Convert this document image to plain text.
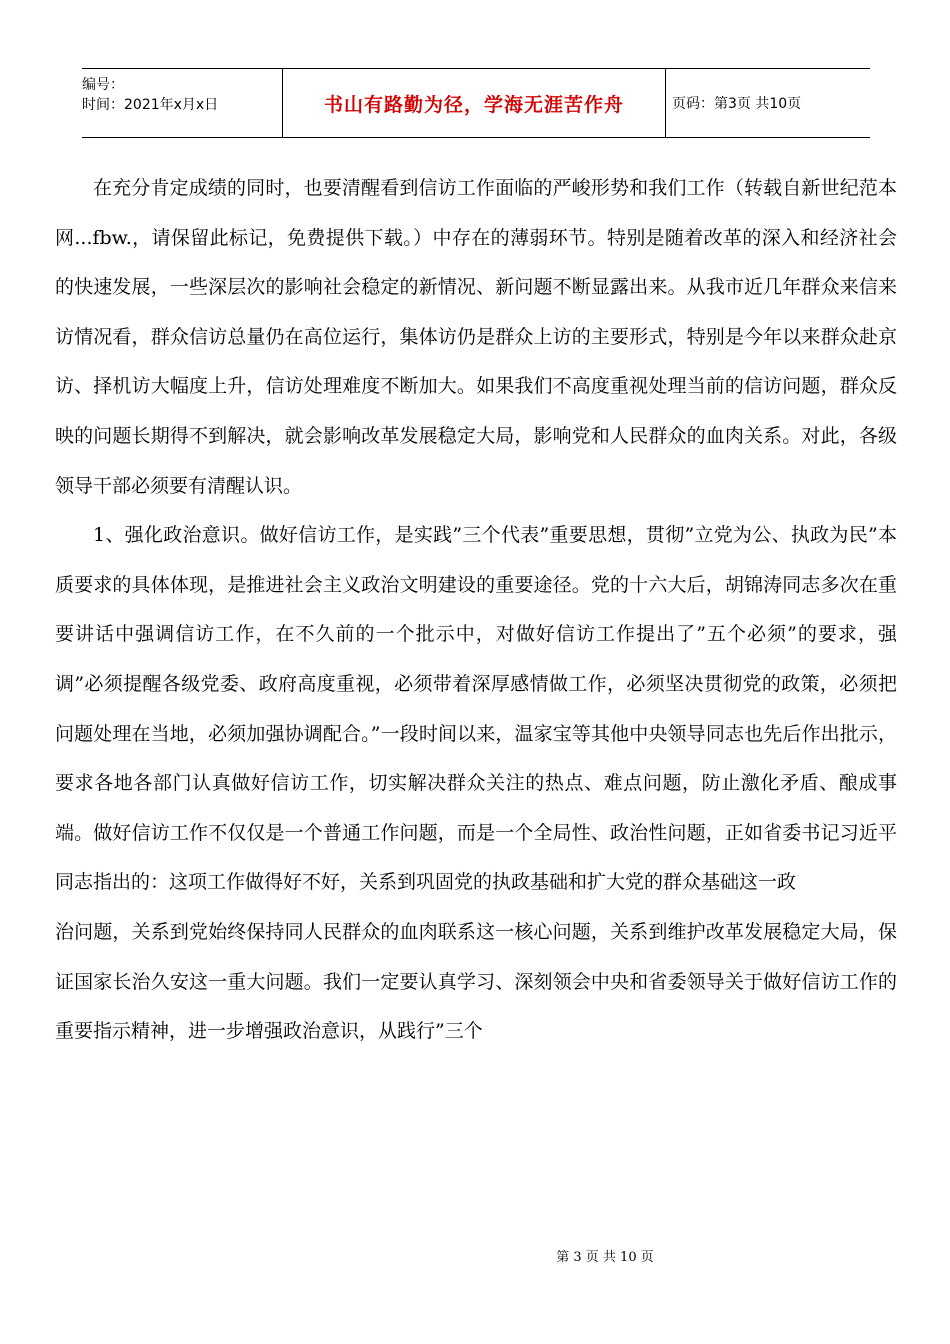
编号：
时间：2021年x月x日	书山有路勤为径，学海无涯苦作舟	页码：第3页 共10页

在充分肯定成绩的同时，也要清醒看到信访工作面临的严峻形势和我们工作（转载自新世纪范本网...fbw.，请保留此标记，免费提供下载。）中存在的薄弱环节。特别是随着改革的深入和经济社会的快速发展，一些深层次的影响社会稳定的新情况、新问题不断显露出来。从我市近几年群众来信来访情况看，群众信访总量仍在高位运行，集体访仍是群众上访的主要形式，特别是今年以来群众赴京访、择机访大幅度上升，信访处理难度不断加大。如果我们不高度重视处理当前的信访问题，群众反映的问题长期得不到解决，就会影响改革发展稳定大局，影响党和人民群众的血肉关系。对此，各级领导干部必须要有清醒认识。

1、强化政治意识。做好信访工作，是实践”三个代表”重要思想，贯彻”立党为公、执政为民”本质要求的具体体现，是推进社会主义政治文明建设的重要途径。党的十六大后，胡锦涛同志多次在重要讲话中强调信访工作，在不久前的一个批示中，对做好信访工作提出了”五个必须”的要求，强调”必须提醒各级党委、政府高度重视，必须带着深厚感情做工作，必须坚决贯彻党的政策，必须把问题处理在当地，必须加强协调配合。”一段时间以来，温家宝等其他中央领导同志也先后作出批示，要求各地各部门认真做好信访工作，切实解决群众关注的热点、难点问题，防止激化矛盾、酿成事端。做好信访工作不仅仅是一个普通工作问题，而是一个全局性、政治性问题，正如省委书记习近平同志指出的：这项工作做得好不好，关系到巩固党的执政基础和扩大党的群众基础这一政

治问题，关系到党始终保持同人民群众的血肉联系这一核心问题，关系到维护改革发展稳定大局，保证国家长治久安这一重大问题。我们一定要认真学习、深刻领会中央和省委领导关于做好信访工作的重要指示精神，进一步增强政治意识，从践行”三个

第 3 页 共 10 页
